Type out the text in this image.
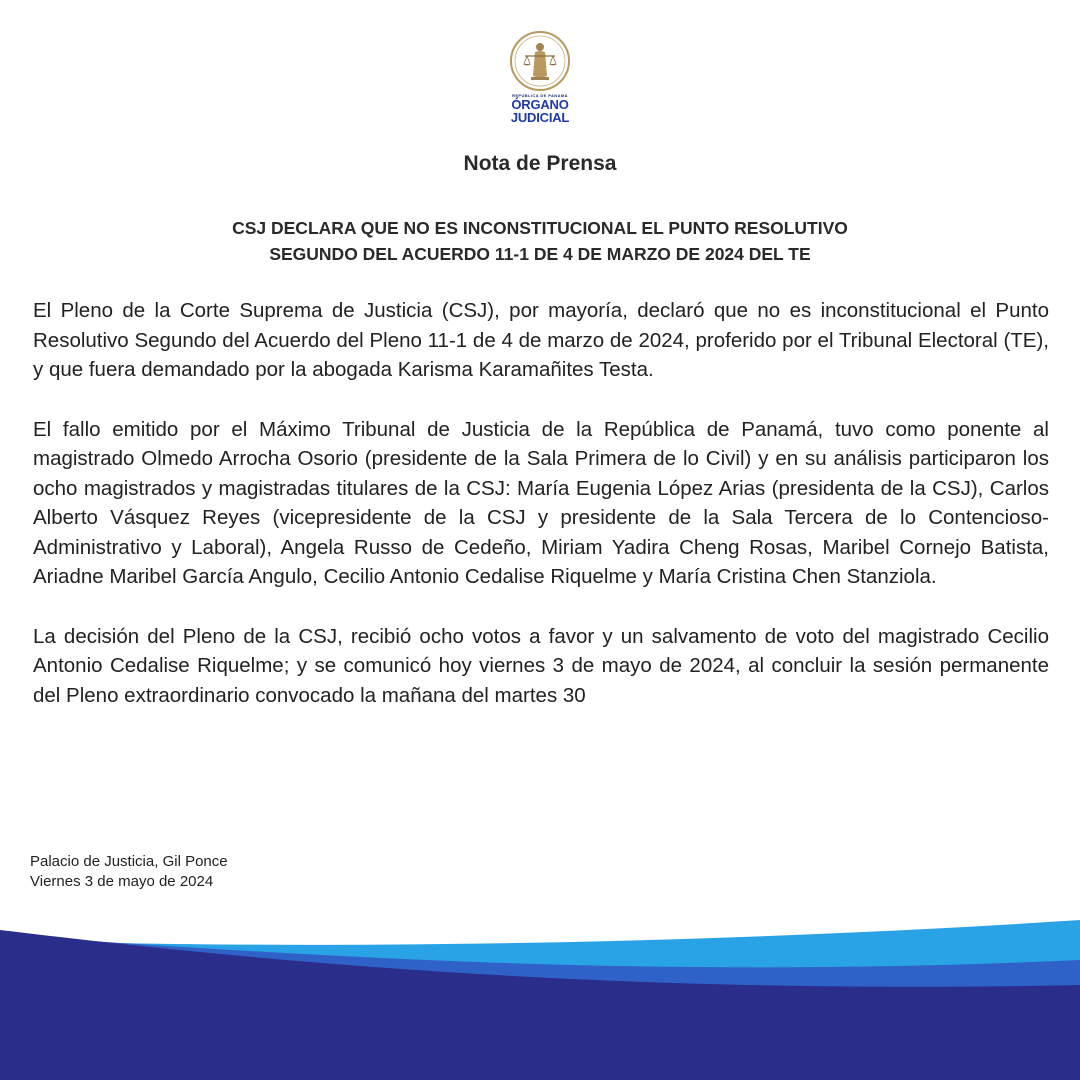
REPÚBLICA DE PANAMÁ
ÓRGANO
JUDICIAL
Nota de Prensa
CSJ DECLARA QUE NO ES INCONSTITUCIONAL EL PUNTO RESOLUTIVO
SEGUNDO DEL ACUERDO 11-1 DE 4 DE MARZO DE 2024 DEL TE

El Pleno de la Corte Suprema de Justicia (CSJ), por mayoría, declaró que no es inconstitucional el Punto Resolutivo Segundo del Acuerdo del Pleno 11-1 de 4 de marzo de 2024, proferido por el Tribunal Electoral (TE), y que fuera demandado por la abogada Karisma Karamañites Testa.

El fallo emitido por el Máximo Tribunal de Justicia de la República de Panamá, tuvo como ponente al magistrado Olmedo Arrocha Osorio (presidente de la Sala Primera de lo Civil) y en su análisis participaron los ocho magistrados y magistradas titulares de la CSJ: María Eugenia López Arias (presidenta de la CSJ), Carlos Alberto Vásquez Reyes (vicepresidente de la CSJ y presidente de la Sala Tercera de lo Contencioso-Administrativo y Laboral), Angela Russo de Cedeño, Miriam Yadira Cheng Rosas, Maribel Cornejo Batista, Ariadne Maribel García Angulo, Cecilio Antonio Cedalise Riquelme y María Cristina Chen Stanziola.

La decisión del Pleno de la CSJ, recibió ocho votos a favor y un salvamento de voto del magistrado Cecilio Antonio Cedalise Riquelme; y se comunicó hoy viernes 3 de mayo de 2024, al concluir la sesión permanente del Pleno extraordinario convocado la mañana del martes 30

Palacio de Justicia, Gil Ponce
Viernes 3 de mayo de 2024
